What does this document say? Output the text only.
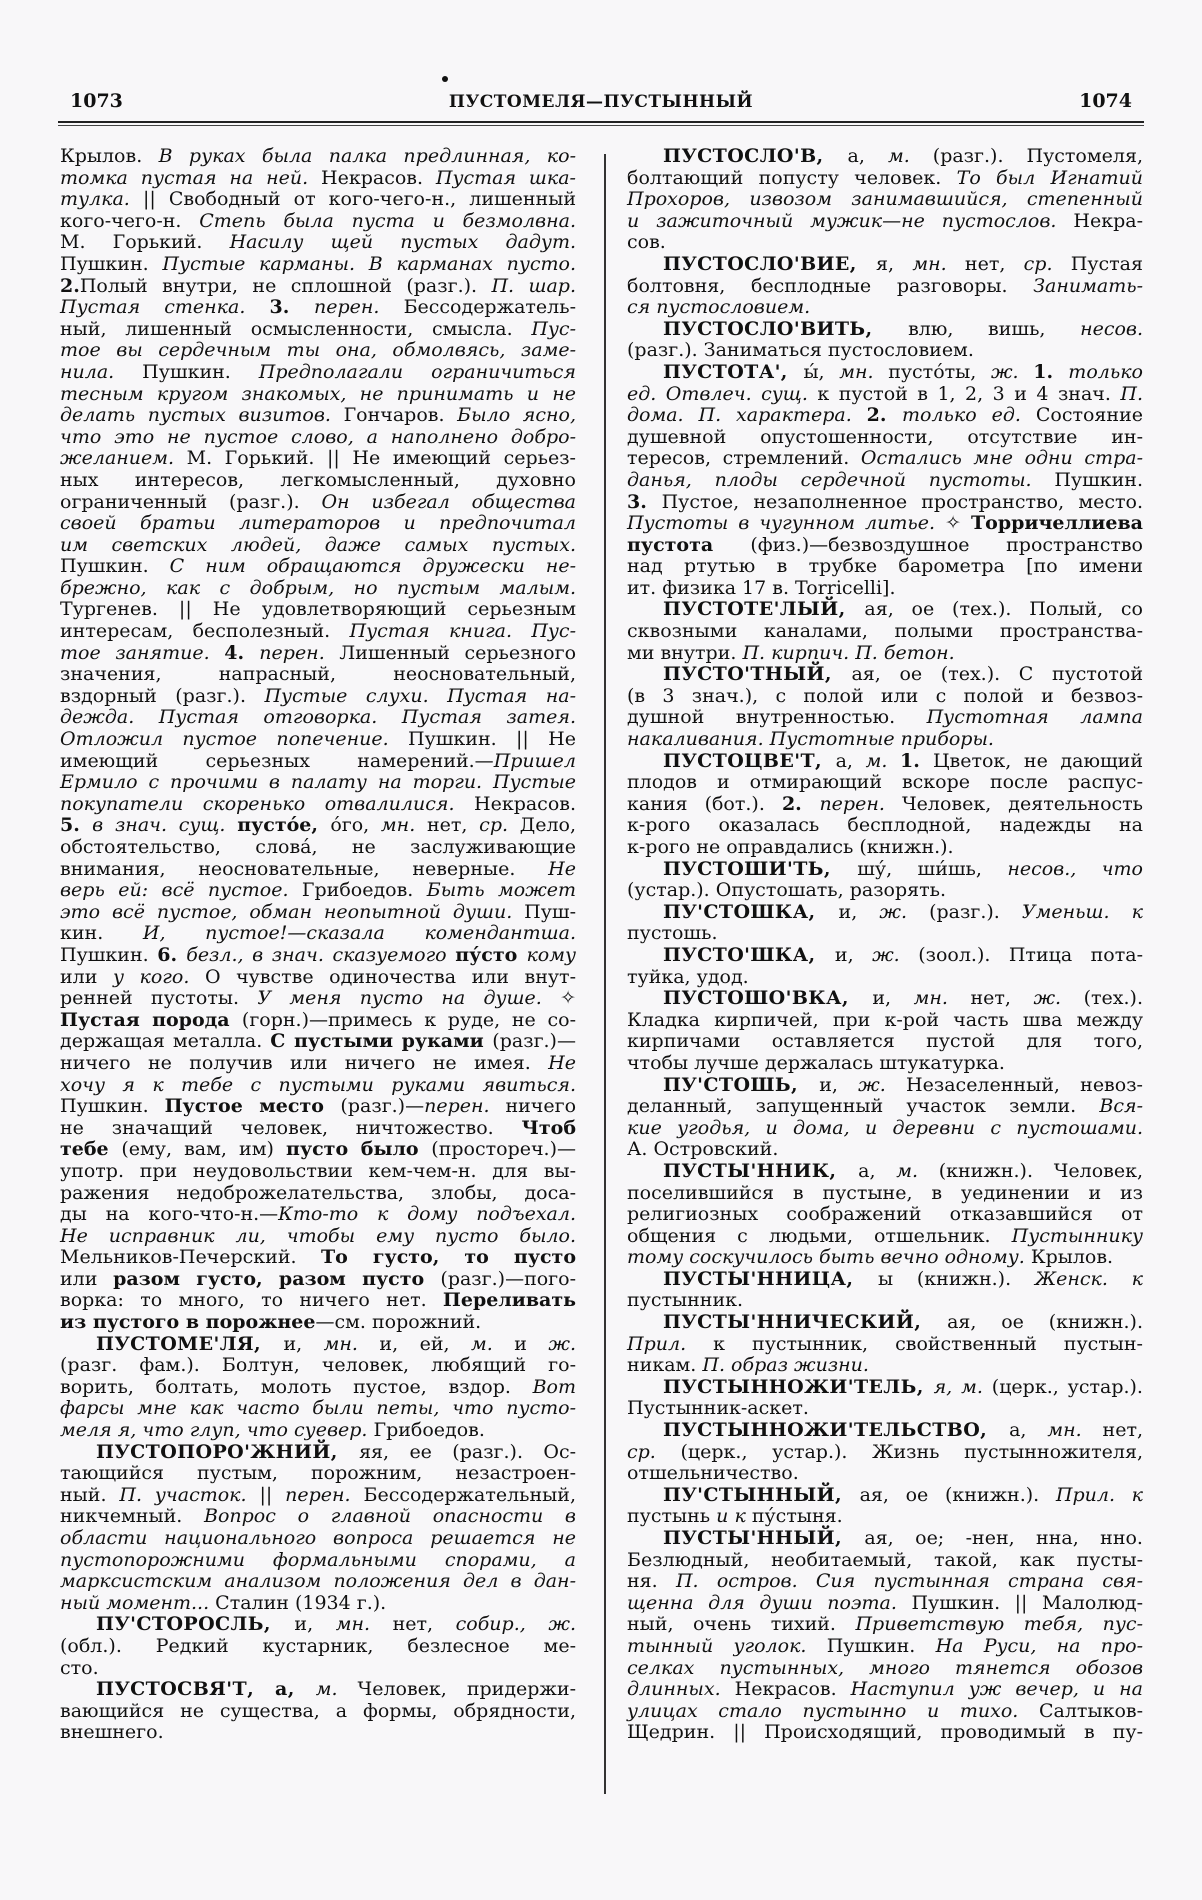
1073	ПУСТОМЕЛЯ—ПУСТЫННЫЙ	1074
Крылов. В руках была палка предлинная, ко-
томка пустая на ней. Некрасов. Пустая шка-
тулка. || Свободный от кого-чего-н., лишенный
кого-чего-н. Степь была пуста и безмолвна.
М. Горький. Насилу щей пустых дадут.
Пушкин. Пустые карманы. В карманах пусто.
2.Полый внутри, не сплошной (разг.). П. шар.
Пустая стенка. 3. перен. Бессодержатель-
ный, лишенный осмысленности, смысла. Пус-
тое вы сердечным ты она, обмолвясь, заме-
нила. Пушкин. Предполагали ограничиться
тесным кругом знакомых, не принимать и не
делать пустых визитов. Гончаров. Было ясно,
что это не пустое слово, а наполнено добро-
желанием. М. Горький. || Не имеющий серьез-
ных интересов, легкомысленный, духовно
ограниченный (разг.). Он избегал общества
своей братьи литераторов и предпочитал
им светских людей, даже самых пустых.
Пушкин. С ним обращаются дружески не-
брежно, как с добрым, но пустым малым.
Тургенев. || Не удовлетворяющий серьезным
интересам, бесполезный. Пустая книга. Пус-
тое занятие. 4. перен. Лишенный серьезного
значения, напрасный, неосновательный,
вздорный (разг.). Пустые слухи. Пустая на-
дежда. Пустая отговорка. Пустая затея.
Отложил пустое попечение. Пушкин. || Не
имеющий серьезных намерений.—Пришел
Ермило с прочими в палату на торги. Пустые
покупатели скоренько отвалилися. Некрасов.
5. в знач. сущ. пусто́е, о́го, мн. нет, ср. Дело,
обстоятельство, слова́, не заслуживающие
внимания, неосновательные, неверные. Не
верь ей: всё пустое. Грибоедов. Быть может
это всё пустое, обман неопытной души. Пуш-
кин. И, пустое!—сказала комендантша.
Пушкин. 6. безл., в знач. сказуемого пу́сто кому
или у кого. О чувстве одиночества или внут-
ренней пустоты. У меня пусто на душе. ✧
Пустая порода (горн.)—примесь к руде, не со-
держащая металла. С пустыми руками (разг.)—
ничего не получив или ничего не имея. Не
хочу я к тебе с пустыми руками явиться.
Пушкин. Пустое место (разг.)—перен. ничего
не значащий человек, ничтожество. Чтоб
тебе (ему, вам, им) пусто было (простореч.)—
употр. при неудовольствии кем-чем-н. для вы-
ражения недоброжелательства, злобы, доса-
ды на кого-что-н.—Кто-то к дому подъехал.
Не исправник ли, чтобы ему пусто было.
Мельников-Печерский. То густо, то пусто
или разом густо, разом пусто (разг.)—пого-
ворка: то много, то ничего нет. Переливать
из пустого в порожнее—см. порожний.
ПУСТОМЕ'ЛЯ, и, мн. и, ей, м. и ж.
(разг. фам.). Болтун, человек, любящий го-
ворить, болтать, молоть пустое, вздор. Вот
фарсы мне как часто были петы, что пусто-
меля я, что глуп, что суевер. Грибоедов.
ПУСТОПОРО'ЖНИЙ, яя, ее (разг.). Ос-
тающийся пустым, порожним, незастроен-
ный. П. участок. || перен. Бессодержательный,
никчемный. Вопрос о главной опасности в
области национального вопроса решается не
пустопорожними формальными спорами, а
марксистским анализом положения дел в дан-
ный момент... Сталин (1934 г.).
ПУ'СТОРОСЛЬ, и, мн. нет, собир., ж.
(обл.). Редкий кустарник, безлесное ме-
сто.
ПУСТОСВЯ'Т, а, м. Человек, придержи-
вающийся не существа, а формы, обрядности,
внешнего.
ПУСТОСЛО'В, а, м. (разг.). Пустомеля,
болтающий попусту человек. То был Игнатий
Прохоров, извозом занимавшийся, степенный
и зажиточный мужик—не пустослов. Некра-
сов.
ПУСТОСЛО'ВИЕ, я, мн. нет, ср. Пустая
болтовня, бесплодные разговоры. Занимать-
ся пустословием.
ПУСТОСЛО'ВИТЬ, влю, вишь, несов.
(разг.). Заниматься пустословием.
ПУСТОТА', ы́, мн. пусто́ты, ж. 1. только
ед. Отвлеч. сущ. к пустой в 1, 2, 3 и 4 знач. П.
дома. П. характера. 2. только ед. Состояние
душевной опустошенности, отсутствие ин-
тересов, стремлений. Остались мне одни стра-
данья, плоды сердечной пустоты. Пушкин.
3. Пустое, незаполненное пространство, место.
Пустоты в чугунном литье. ✧ Торричеллиева
пустота (физ.)—безвоздушное пространство
над ртутью в трубке барометра [по имени
ит. физика 17 в. Torricelli].
ПУСТОТЕ'ЛЫЙ, ая, ое (тех.). Полый, со
сквозными каналами, полыми пространства-
ми внутри. П. кирпич. П. бетон.
ПУСТО'ТНЫЙ, ая, ое (тех.). С пустотой
(в 3 знач.), с полой или с полой и безвоз-
душной внутренностью. Пустотная лампа
накаливания. Пустотные приборы.
ПУСТОЦВЕ'Т, а, м. 1. Цветок, не дающий
плодов и отмирающий вскоре после распус-
кания (бот.). 2. перен. Человек, деятельность
к-рого оказалась бесплодной, надежды на
к-рого не оправдались (книжн.).
ПУСТОШИ'ТЬ, шу́, ши́шь, несов., что
(устар.). Опустошать, разорять.
ПУ'СТОШКА, и, ж. (разг.). Уменьш. к
пустошь.
ПУСТО'ШКА, и, ж. (зоол.). Птица пота-
туйка, удод.
ПУСТОШО'ВКА, и, мн. нет, ж. (тех.).
Кладка кирпичей, при к-рой часть шва между
кирпичами оставляется пустой для того,
чтобы лучше держалась штукатурка.
ПУ'СТОШЬ, и, ж. Незаселенный, невоз-
деланный, запущенный участок земли. Вся-
кие угодья, и дома, и деревни с пустошами.
А. Островский.
ПУСТЫ'ННИК, а, м. (книжн.). Человек,
поселившийся в пустыне, в уединении и из
религиозных соображений отказавшийся от
общения с людьми, отшельник. Пустыннику
тому соскучилось быть вечно одному. Крылов.
ПУСТЫ'ННИЦА, ы (книжн.). Женск. к
пустынник.
ПУСТЫ'ННИЧЕСКИЙ, ая, ое (книжн.).
Прил. к пустынник, свойственный пустын-
никам. П. образ жизни.
ПУСТЫННОЖИ'ТЕЛЬ, я, м. (церк., устар.).
Пустынник-аскет.
ПУСТЫННОЖИ'ТЕЛЬСТВО, а, мн. нет,
ср. (церк., устар.). Жизнь пустынножителя,
отшельничество.
ПУ'СТЫННЫЙ, ая, ое (книжн.). Прил. к
пустынь и к пу́стыня.
ПУСТЫ'ННЫЙ, ая, ое; -нен, нна, нно.
Безлюдный, необитаемый, такой, как пусты-
ня. П. остров. Сия пустынная страна свя-
щенна для души поэта. Пушкин. || Малолюд-
ный, очень тихий. Приветствую тебя, пус-
тынный уголок. Пушкин. На Руси, на про-
селках пустынных, много тянется обозов
длинных. Некрасов. Наступил уж вечер, и на
улицах стало пустынно и тихо. Салтыков-
Щедрин. || Происходящий, проводимый в пу-
